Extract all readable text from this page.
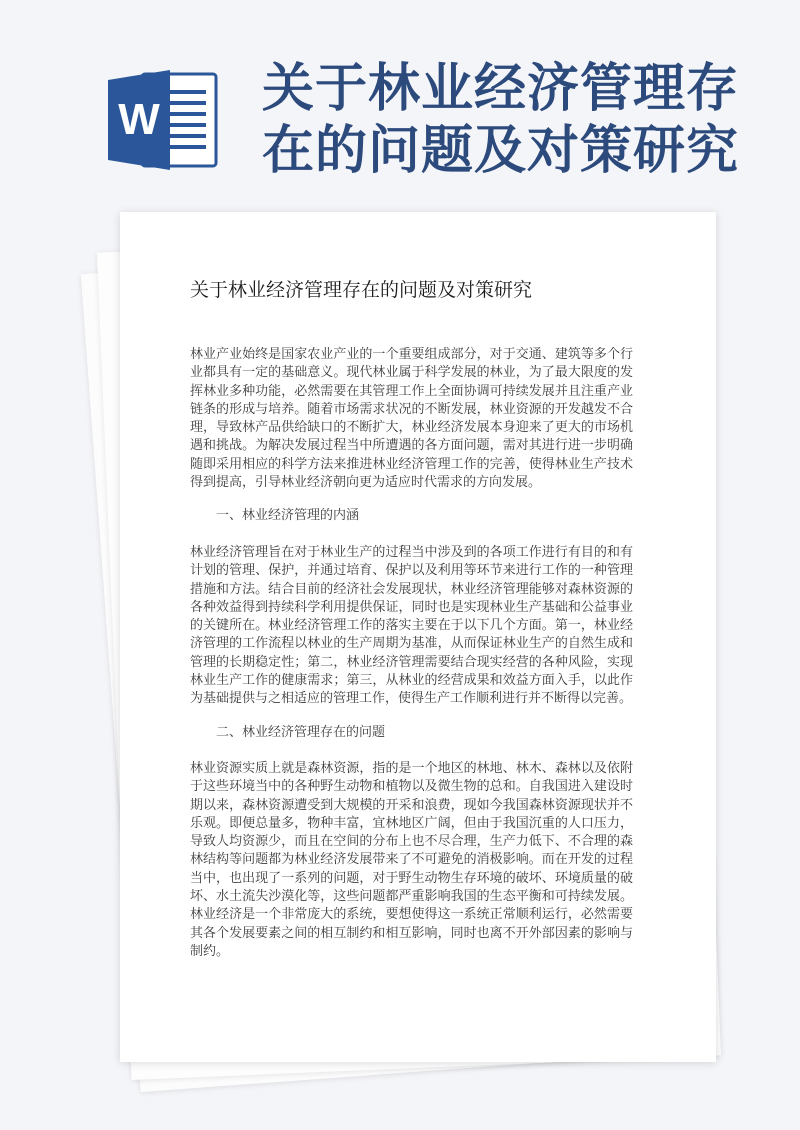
W
关于林业经济管理存在的问题及对策研究
关于林业经济管理存在的问题及对策研究

林业产业始终是国家农业产业的一个重要组成部分，对于交通、建筑等多个行业都具有一定的基础意义。现代林业属于科学发展的林业，为了最大限度的发挥林业多种功能，必然需要在其管理工作上全面协调可持续发展并且注重产业链条的形成与培养。随着市场需求状况的不断发展，林业资源的开发越发不合理，导致林产品供给缺口的不断扩大，林业经济发展本身迎来了更大的市场机遇和挑战。为解决发展过程当中所遭遇的各方面问题，需对其进行进一步明确随即采用相应的科学方法来推进林业经济管理工作的完善，使得林业生产技术得到提高，引导林业经济朝向更为适应时代需求的方向发展。

一、林业经济管理的内涵

林业经济管理旨在对于林业生产的过程当中涉及到的各项工作进行有目的和有计划的管理、保护，并通过培育、保护以及利用等环节来进行工作的一种管理措施和方法。结合目前的经济社会发展现状，林业经济管理能够对森林资源的各种效益得到持续科学利用提供保证，同时也是实现林业生产基础和公益事业的关键所在。林业经济管理工作的落实主要在于以下几个方面。第一，林业经济管理的工作流程以林业的生产周期为基准，从而保证林业生产的自然生成和管理的长期稳定性；第二，林业经济管理需要结合现实经营的各种风险，实现林业生产工作的健康需求；第三，从林业的经营成果和效益方面入手，以此作为基础提供与之相适应的管理工作，使得生产工作顺利进行并不断得以完善。

二、林业经济管理存在的问题

林业资源实质上就是森林资源，指的是一个地区的林地、林木、森林以及依附于这些环境当中的各种野生动物和植物以及微生物的总和。自我国进入建设时期以来，森林资源遭受到大规模的开采和浪费，现如今我国森林资源现状并不乐观。即便总量多，物种丰富，宜林地区广阔，但由于我国沉重的人口压力，导致人均资源少，而且在空间的分布上也不尽合理，生产力低下、不合理的森林结构等问题都为林业经济发展带来了不可避免的消极影响。而在开发的过程当中，也出现了一系列的问题，对于野生动物生存环境的破坏、环境质量的破坏、水土流失沙漠化等，这些问题都严重影响我国的生态平衡和可持续发展。林业经济是一个非常庞大的系统，要想使得这一系统正常顺利运行，必然需要其各个发展要素之间的相互制约和相互影响，同时也离不开外部因素的影响与制约。
